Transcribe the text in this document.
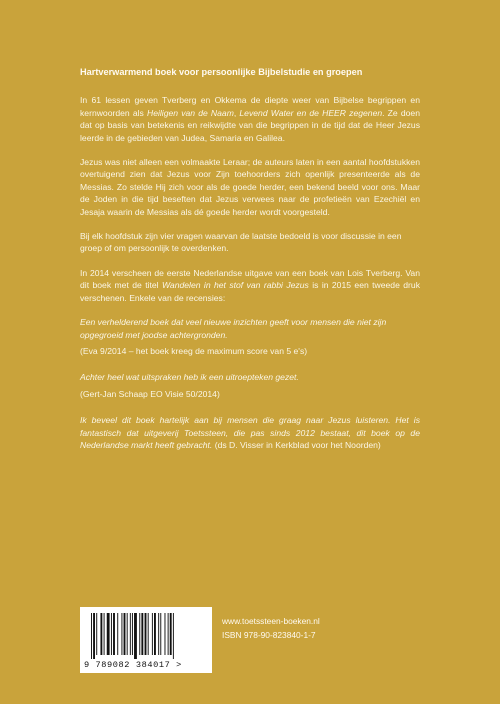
Hartverwarmend boek voor persoonlijke Bijbelstudie en groepen

In 61 lessen geven Tverberg en Okkema de diepte weer van Bijbelse begrippen en kernwoorden als Heiligen van de Naam, Levend Water en de HEER zegenen. Ze doen dat op basis van betekenis en reikwijdte van die begrippen in de tijd dat de Heer Jezus leerde in de gebieden van Judea, Samaria en Galilea.

Jezus was niet alleen een volmaakte Leraar; de auteurs laten in een aantal hoofdstukken overtuigend zien dat Jezus voor Zijn toehoorders zich openlijk presenteerde als de Messias. Zo stelde Hij zich voor als de goede herder, een bekend beeld voor ons. Maar de Joden in die tijd beseften dat Jezus verwees naar de profetieën van Ezechiël en Jesaja waarin de Messias als dé goede herder wordt voorgesteld.

Bij elk hoofdstuk zijn vier vragen waarvan de laatste bedoeld is voor discussie in een groep of om persoonlijk te overdenken.

In 2014 verscheen de eerste Nederlandse uitgave van een boek van Lois Tverberg. Van dit boek met de titel Wandelen in het stof van rabbi Jezus is in 2015 een tweede druk verschenen. Enkele van de recensies:

Een verhelderend boek dat veel nieuwe inzichten geeft voor mensen die niet zijn opgegroeid met joodse achtergronden.

(Eva 9/2014 – het boek kreeg de maximum score van 5 e's)

Achter heel wat uitspraken heb ik een uitroepteken gezet.

(Gert-Jan Schaap EO Visie 50/2014)

Ik beveel dit boek hartelijk aan bij mensen die graag naar Jezus luisteren. Het is fantastisch dat uitgeverij Toetssteen, die pas sinds 2012 bestaat, dit boek op de Nederlandse markt heeft gebracht. (ds D. Visser in Kerkblad voor het Noorden)

9 789082 384017 >
www.toetssteen-boeken.nl
ISBN 978-90-823840-1-7
